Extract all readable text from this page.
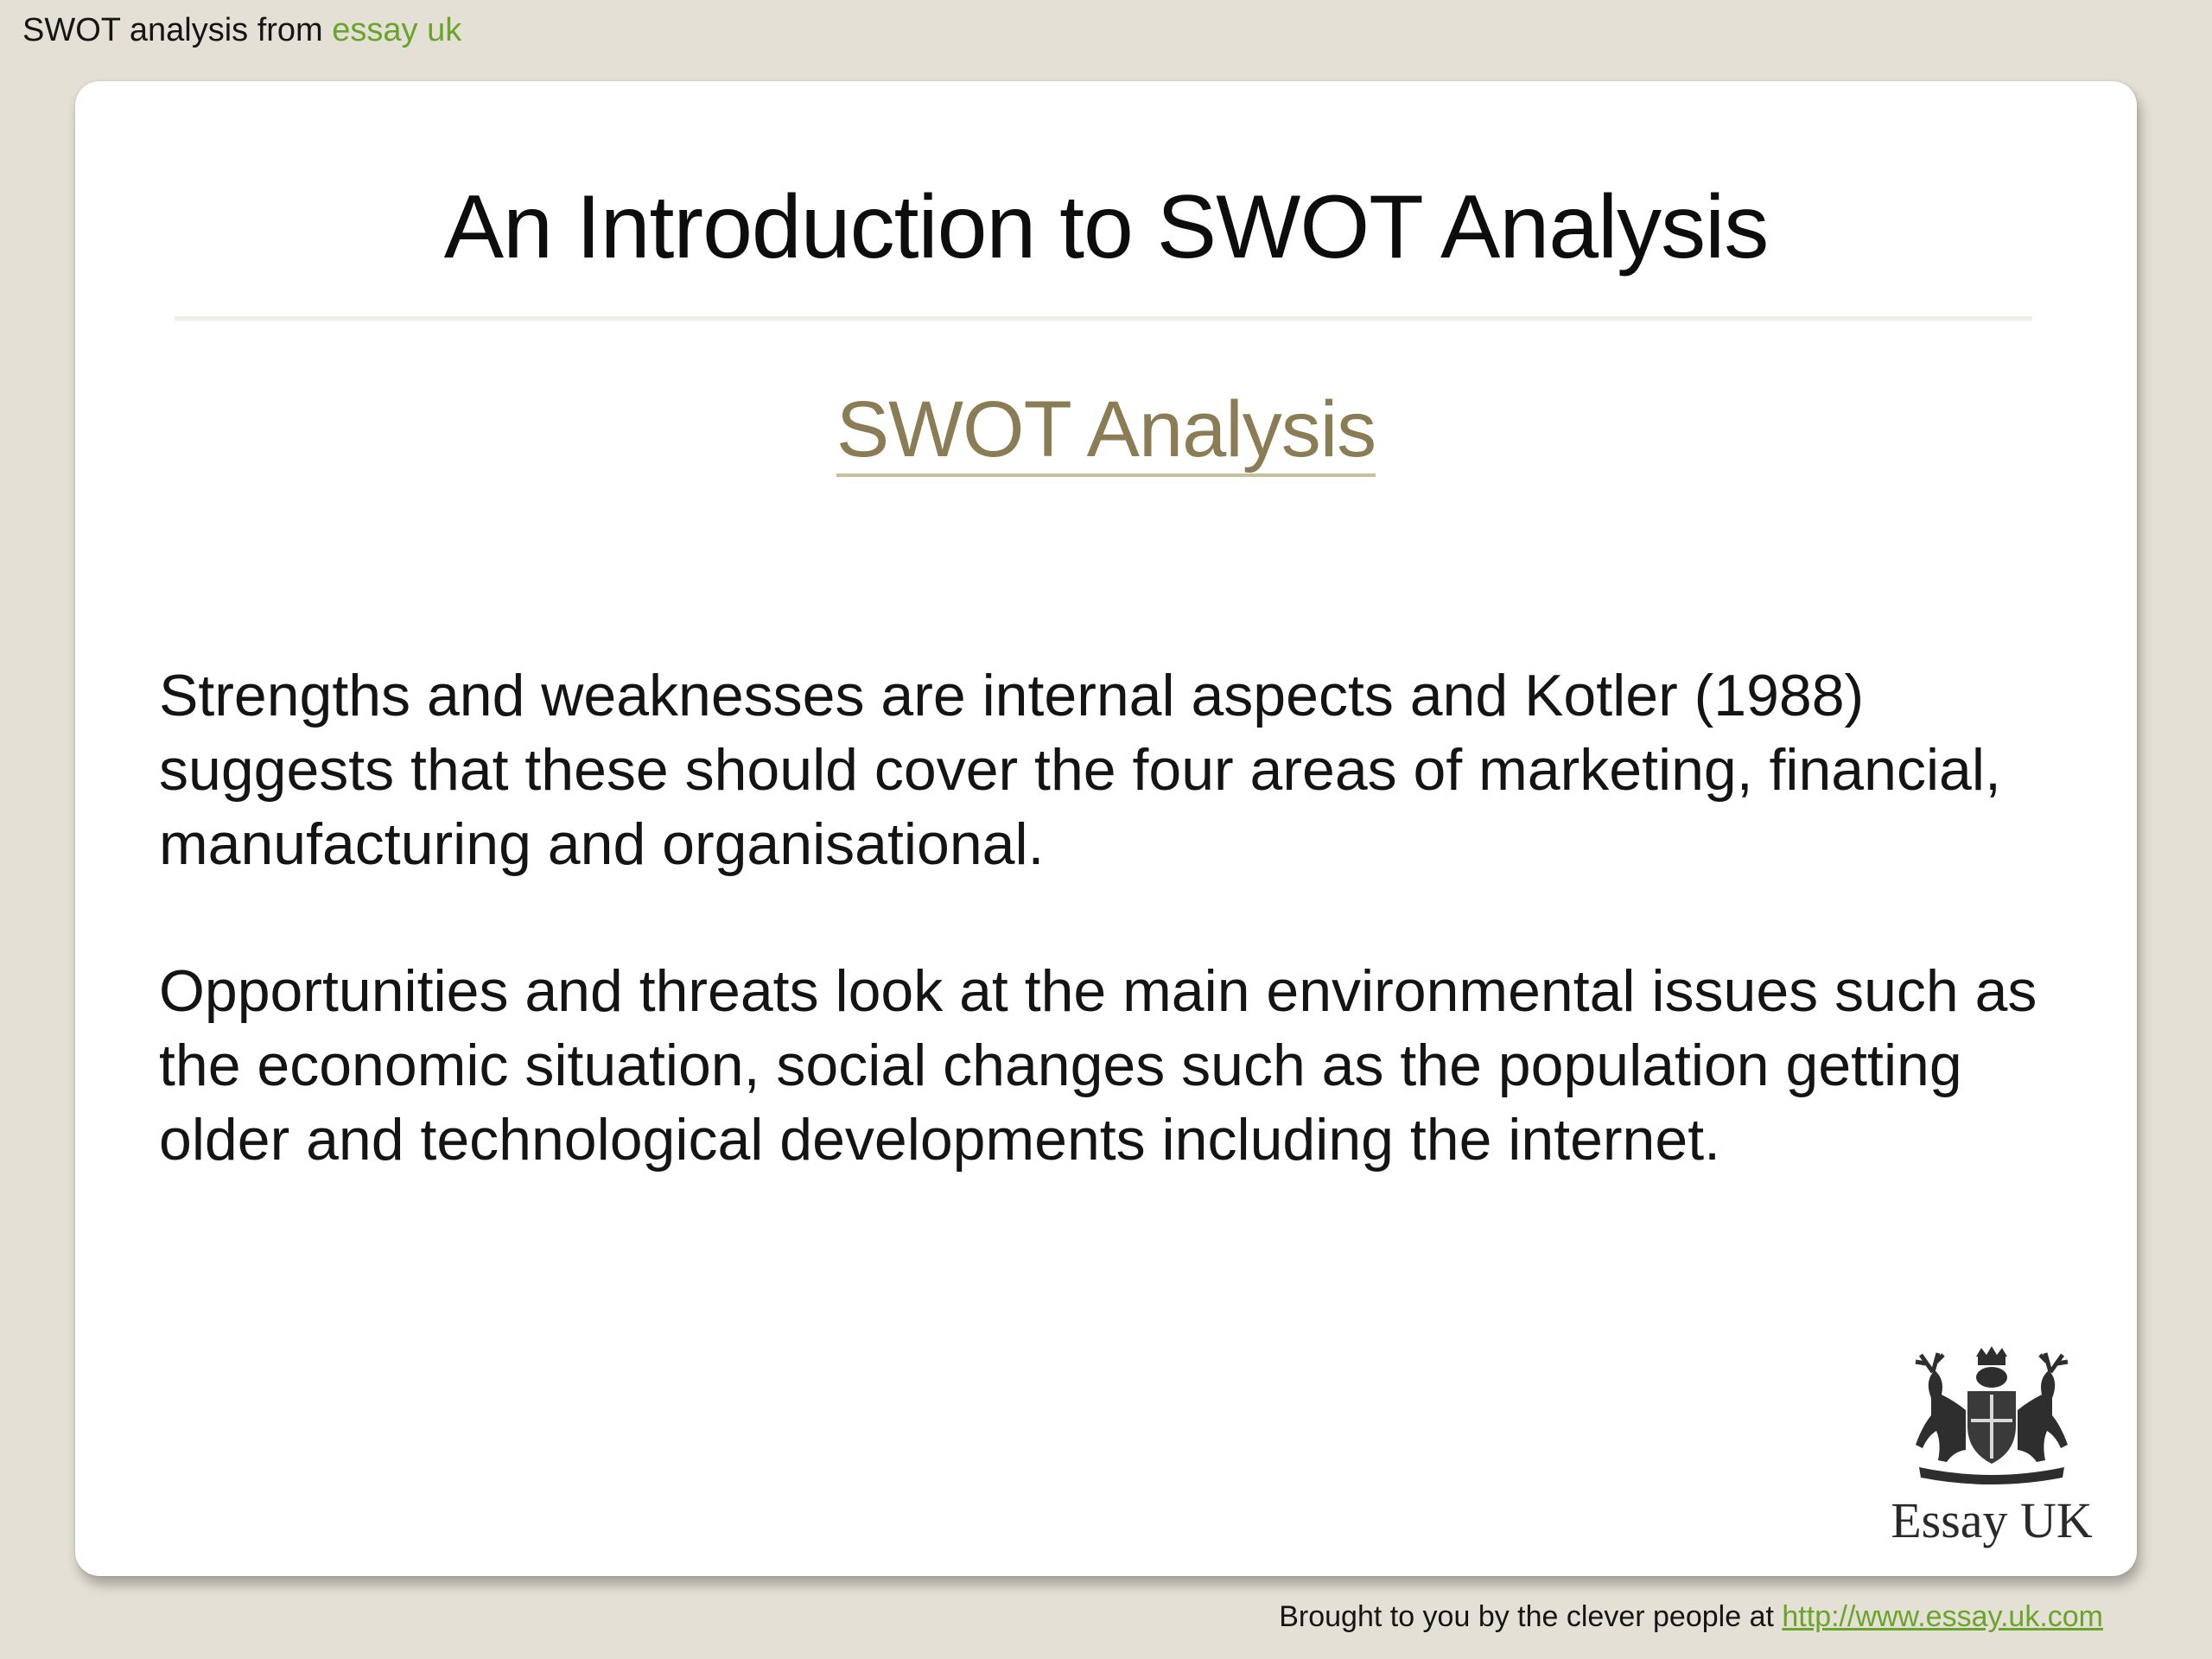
SWOT analysis from essay uk
An Introduction to SWOT Analysis
SWOT Analysis
Strengths and weaknesses are internal aspects and Kotler (1988) suggests that these should cover the four areas of marketing, financial, manufacturing and organisational.
Opportunities and threats look at the main environmental issues such as the economic situation, social changes such as the population getting older and technological developments including the internet.
Essay UK
Brought to you by the clever people at http://www.essay.uk.com
